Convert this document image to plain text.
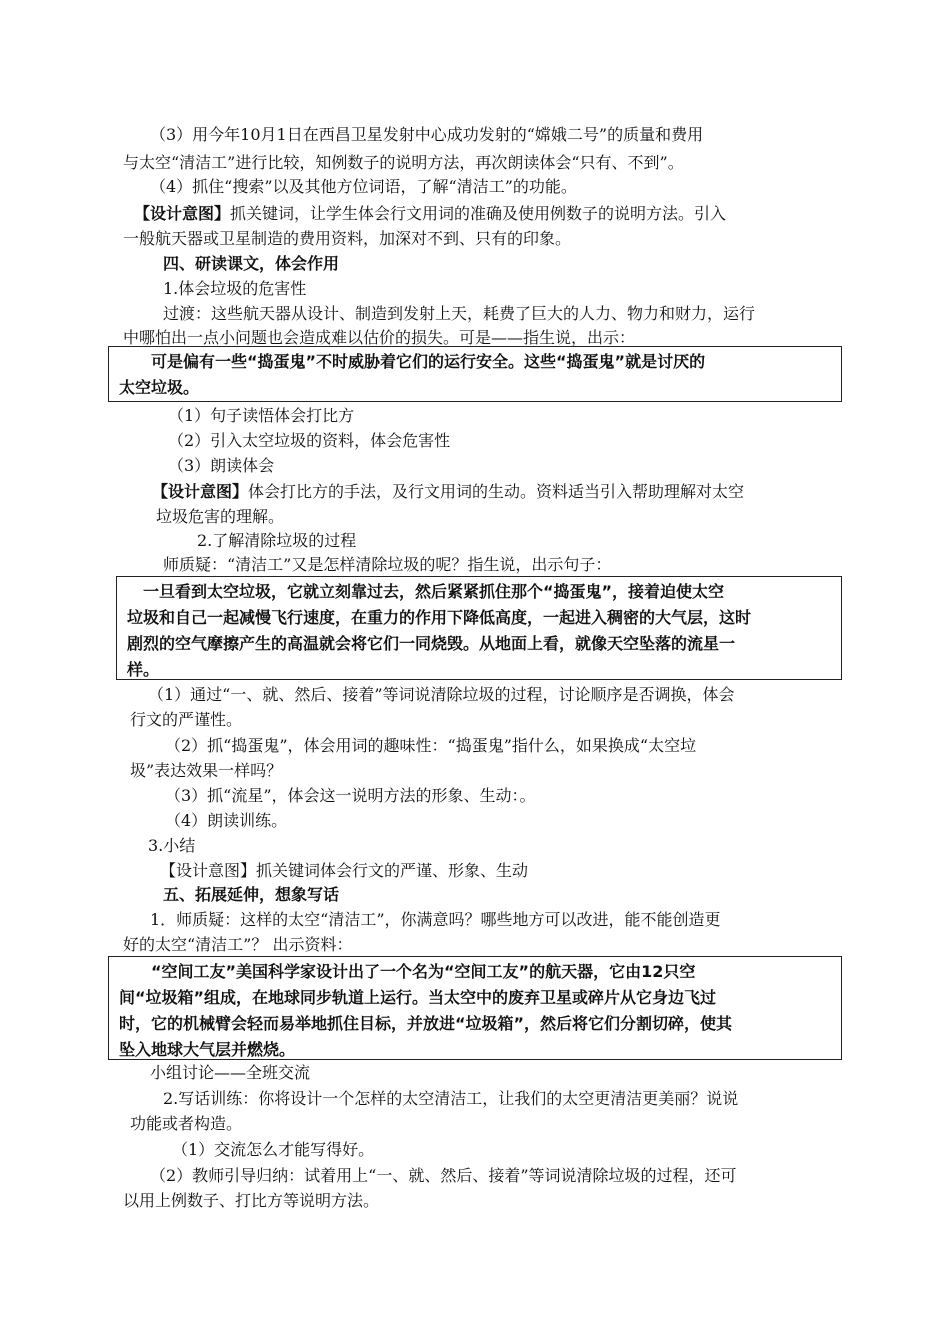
（3）用今年10月1日在西昌卫星发射中心成功发射的“嫦娥二号”的质量和费用
与太空“清洁工”进行比较，知例数子的说明方法，再次朗读体会“只有、不到”。
（4）抓住“搜索”以及其他方位词语，了解“清洁工”的功能。
【设计意图】抓关键词，让学生体会行文用词的准确及使用例数子的说明方法。引入
一般航天器或卫星制造的费用资料，加深对不到、只有的印象。
四、研读课文，体会作用
1.体会垃圾的危害性
过渡：这些航天器从设计、制造到发射上天，耗费了巨大的人力、物力和财力，运行
中哪怕出一点小问题也会造成难以估价的损失。可是——指生说，出示：
可是偏有一些“捣蛋鬼”不时威胁着它们的运行安全。这些“捣蛋鬼”就是讨厌的
太空垃圾。
（1）句子读悟体会打比方
（2）引入太空垃圾的资料，体会危害性
（3）朗读体会
【设计意图】体会打比方的手法，及行文用词的生动。资料适当引入帮助理解对太空
垃圾危害的理解。
2.了解清除垃圾的过程
师质疑：“清洁工”又是怎样清除垃圾的呢？指生说，出示句子：
一旦看到太空垃圾，它就立刻靠过去，然后紧紧抓住那个“捣蛋鬼”，接着迫使太空
垃圾和自己一起减慢飞行速度，在重力的作用下降低高度，一起进入稠密的大气层，这时
剧烈的空气摩擦产生的高温就会将它们一同烧毁。从地面上看，就像天空坠落的流星一
样。
（1）通过“一、就、然后、接着”等词说清除垃圾的过程，讨论顺序是否调换，体会
行文的严谨性。
（2）抓“捣蛋鬼”，体会用词的趣味性：“捣蛋鬼”指什么，如果换成“太空垃
圾”表达效果一样吗？
（3）抓“流星”，体会这一说明方法的形象、生动：。
（4）朗读训练。
3.小结
【设计意图】抓关键词体会行文的严谨、形象、生动
五、拓展延伸，想象写话
1．师质疑：这样的太空“清洁工”，你满意吗？哪些地方可以改进，能不能创造更
好的太空“清洁工”？ 出示资料：
“空间工友”美国科学家设计出了一个名为“空间工友”的航天器，它由12只空
间“垃圾箱”组成，在地球同步轨道上运行。当太空中的废弃卫星或碎片从它身边飞过
时，它的机械臂会轻而易举地抓住目标，并放进“垃圾箱”，然后将它们分割切碎，使其
坠入地球大气层并燃烧。
小组讨论——全班交流
2.写话训练：你将设计一个怎样的太空清洁工，让我们的太空更清洁更美丽？说说
功能或者构造。
（1）交流怎么才能写得好。
（2）教师引导归纳：试着用上“一、就、然后、接着”等词说清除垃圾的过程，还可
以用上例数子、打比方等说明方法。
